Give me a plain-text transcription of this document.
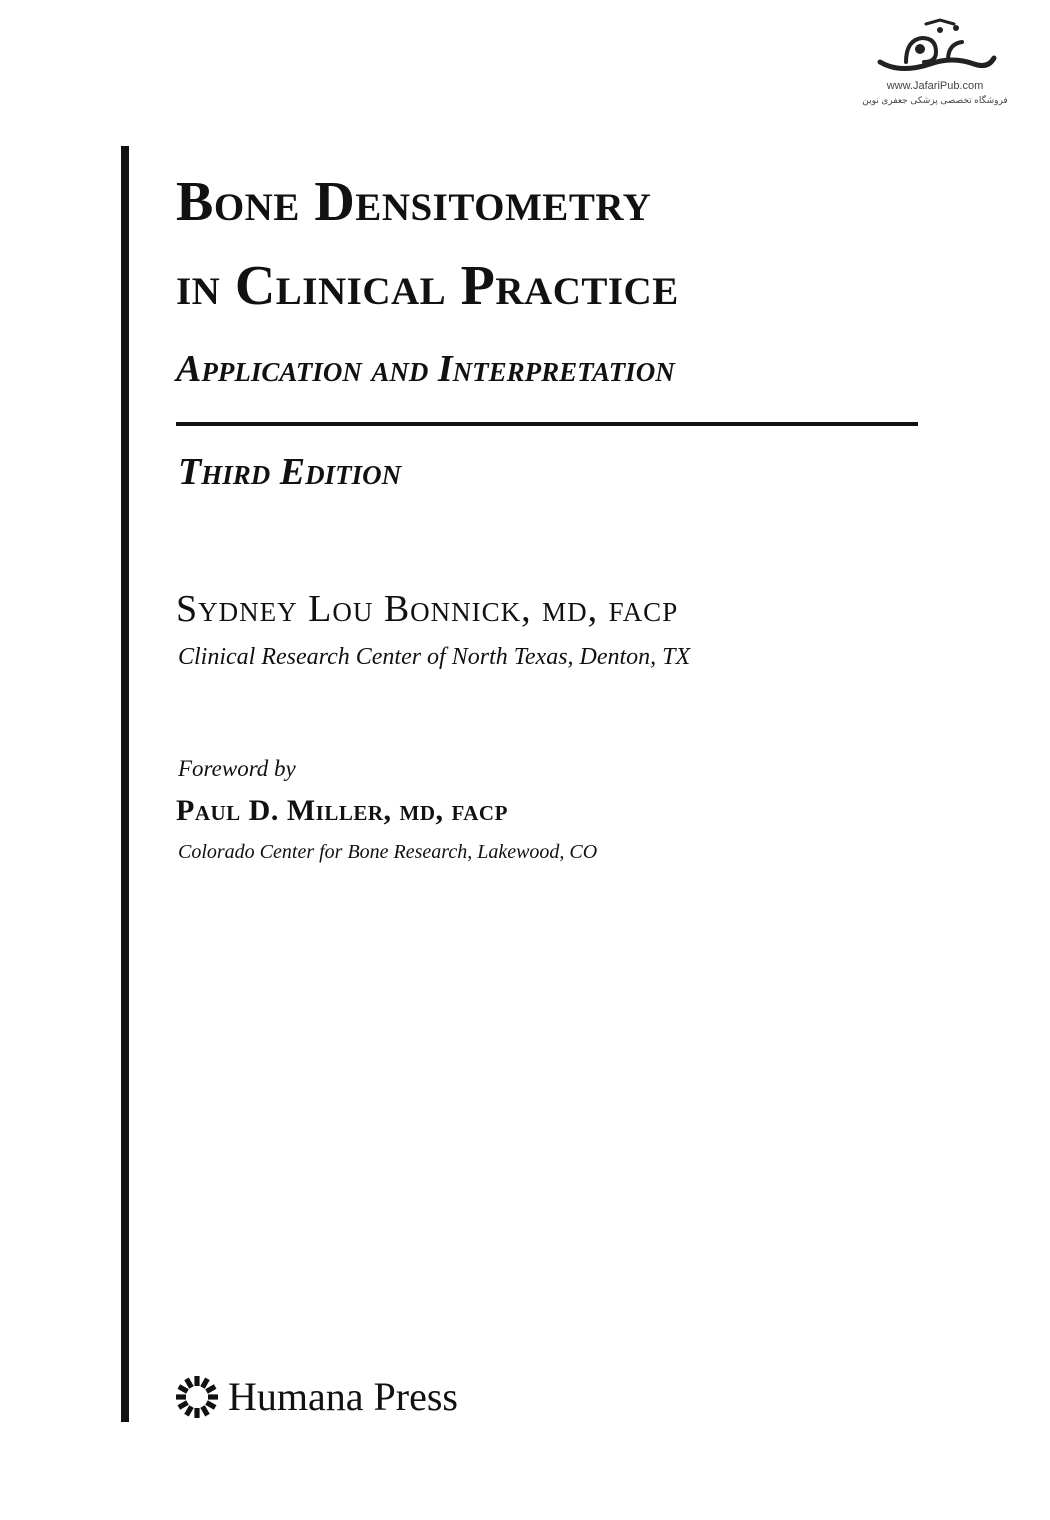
www.JafariPub.com
فروشگاه تخصصی پزشکی جعفری نوین
Bone Densitometry
in Clinical Practice
Application and Interpretation
Third Edition

Sydney Lou Bonnick, md, facp

Clinical Research Center of North Texas, Denton, TX

Foreword by

Paul D. Miller, md, facp

Colorado Center for Bone Research, Lakewood, CO

Humana Press
